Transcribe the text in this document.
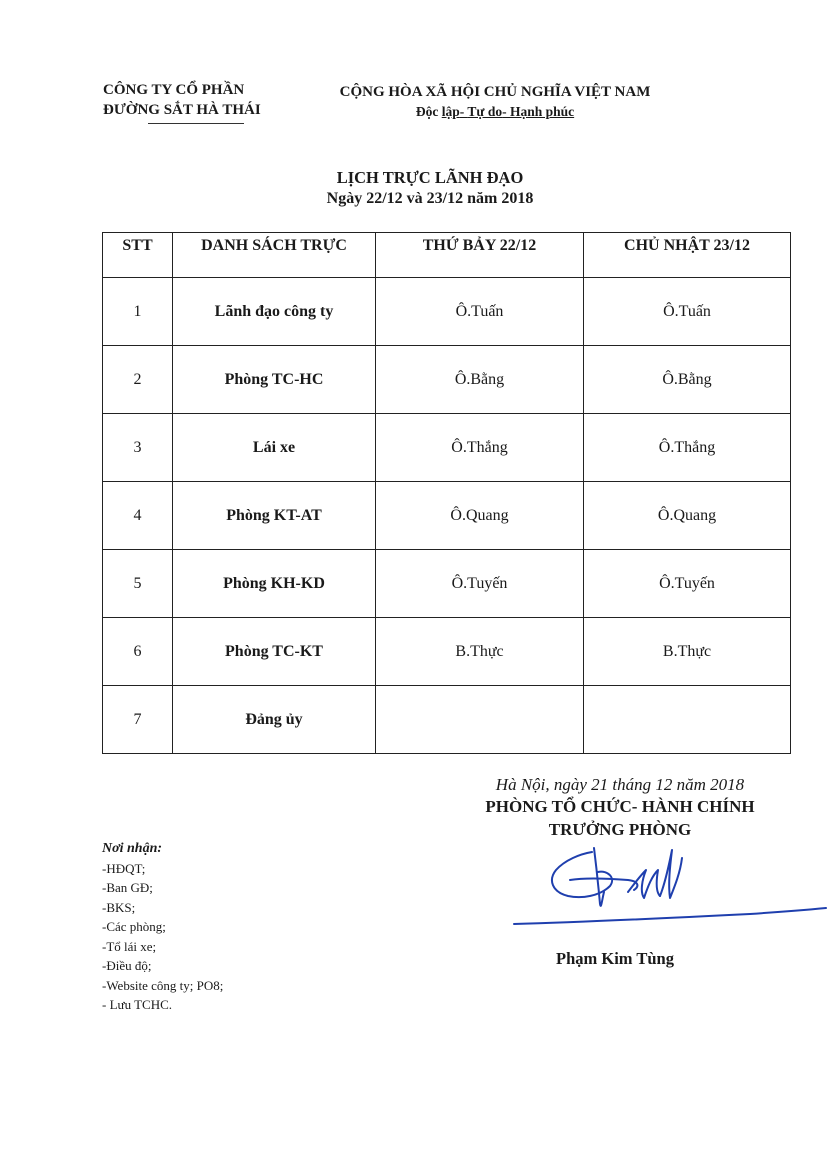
CÔNG TY CỔ PHẦN
ĐƯỜNG SẮT HÀ THÁI
CỘNG HÒA XÃ HỘI CHỦ NGHĨA VIỆT NAM
Độc lập- Tự do- Hạnh phúc
LỊCH TRỰC LÃNH ĐẠO
Ngày 22/12 và 23/12 năm 2018
STT	DANH SÁCH TRỰC	THỨ BẢY 22/12	CHỦ NHẬT 23/12
1	Lãnh đạo công ty	Ô.Tuấn	Ô.Tuấn
2	Phòng TC-HC	Ô.Bằng	Ô.Bằng
3	Lái xe	Ô.Thắng	Ô.Thắng
4	Phòng KT-AT	Ô.Quang	Ô.Quang
5	Phòng KH-KD	Ô.Tuyến	Ô.Tuyến
6	Phòng TC-KT	B.Thực	B.Thực
7	Đảng ủy		
Hà Nội, ngày 21 tháng 12 năm 2018
PHÒNG TỔ CHỨC- HÀNH CHÍNH
TRƯỞNG PHÒNG
Phạm Kim Tùng
Nơi nhận:
-HĐQT;
-Ban GĐ;
-BKS;
-Các phòng;
-Tổ lái xe;
-Điều độ;
-Website công ty; PO8;
- Lưu TCHC.
